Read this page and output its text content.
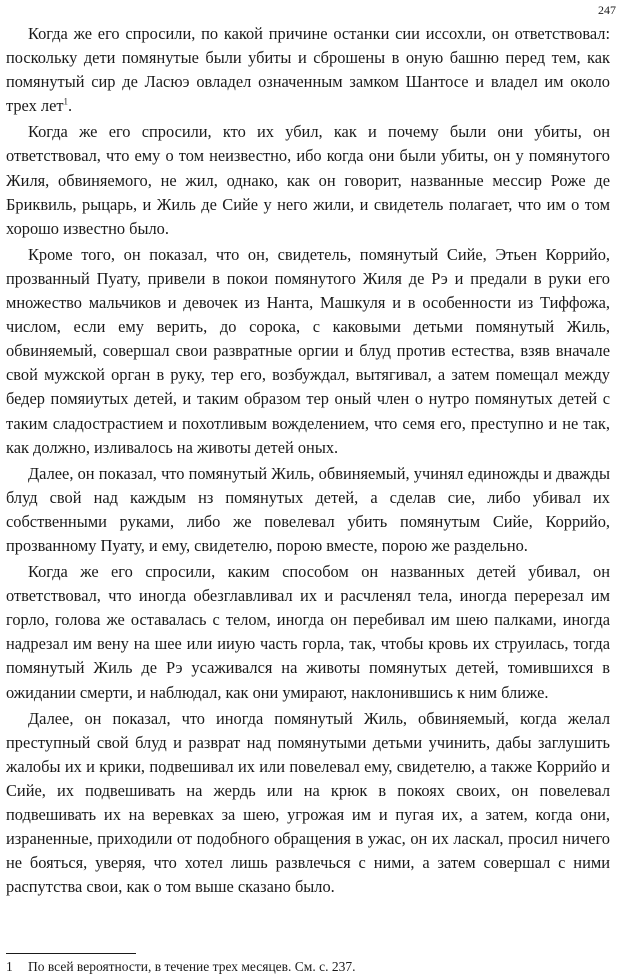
247

Когда же его спросили, по какой причине останки сии иссохли, он ответствовал: поскольку дети помянутые были убиты и сброшены в оную башню перед тем, как помянутый сир де Ласюэ овладел означенным замком Шантосе и владел им около трех лет$^1$.

Когда же его спросили, кто их убил, как и почему были они убиты, он ответствовал, что ему о том неизвестно, ибо когда они были убиты, он у помянутого Жиля, обвиняемого, не жил, однако, как он говорит, названные мессир Роже де Бриквиль, рыцарь, и Жиль де Сийе у него жили, и свидетель полагает, что им о том хорошо известно было.

Кроме того, он показал, что он, свидетель, помянутый Сийе, Этьен Коррийо, прозванный Пуату, привели в покои помянутого Жиля де Рэ и предали в руки его множество мальчиков и девочек из Нанта, Машкуля и в особенности из Тиффожа, числом, если ему верить, до сорока, с каковыми детьми помянутый Жиль, обвиняемый, совершал свои развратные оргии и блуд против естества, взяв вначале свой мужской орган в руку, тер его, возбуждал, вытягивал, а затем помещал между бедер помяиутых детей, и таким образом тер оный член о нутро помянутых детей с таким сладострастием и похотливым вожделением, что семя его, преступно и не так, как должно, изливалось на животы детей оных.

Далее, он показал, что помянутый Жиль, обвиняемый, учинял единожды и дважды блуд свой над каждым нз помянутых детей, а сделав сие, либо убивал их собственными руками, либо же повелевал убить помянутым Сийе, Коррийо, прозванному Пуату, и ему, свидетелю, порою вместе, порою же раздельно.

Когда же его спросили, каким способом он названных детей убивал, он ответствовал, что иногда обезглавливал их и расчленял тела, иногда перерезал им горло, голова же оставалась с телом, иногда он перебивал им шею палками, иногда надрезал им вену на шее или ииую часть горла, так, чтобы кровь их струилась, тогда помянутый Жиль де Рэ усаживался на животы помянутых детей, томившихся в ожидании смерти, и наблюдал, как они умирают, наклонившись к ним ближе.

Далее, он показал, что иногда помянутый Жиль, обвиняемый, когда желал преступный свой блуд и разврат над помянутыми детьми учинить, дабы заглушить жалобы их и крики, подвешивал их или повелевал ему, свидетелю, а также Коррийо и Сийе, их подвешивать на жердь или на крюк в покоях своих, он повелевал подвешивать их на веревках за шею, угрожая им и пугая их, а затем, когда они, израненные, приходили от подобного обращения в ужас, он их ласкал, просил ничего не бояться, уверяя, что хотел лишь развлечься с ними, а затем совершал с ними распутства свои, как о том выше сказано было.

1 По всей вероятности, в течение трех месяцев. См. с. 237.
